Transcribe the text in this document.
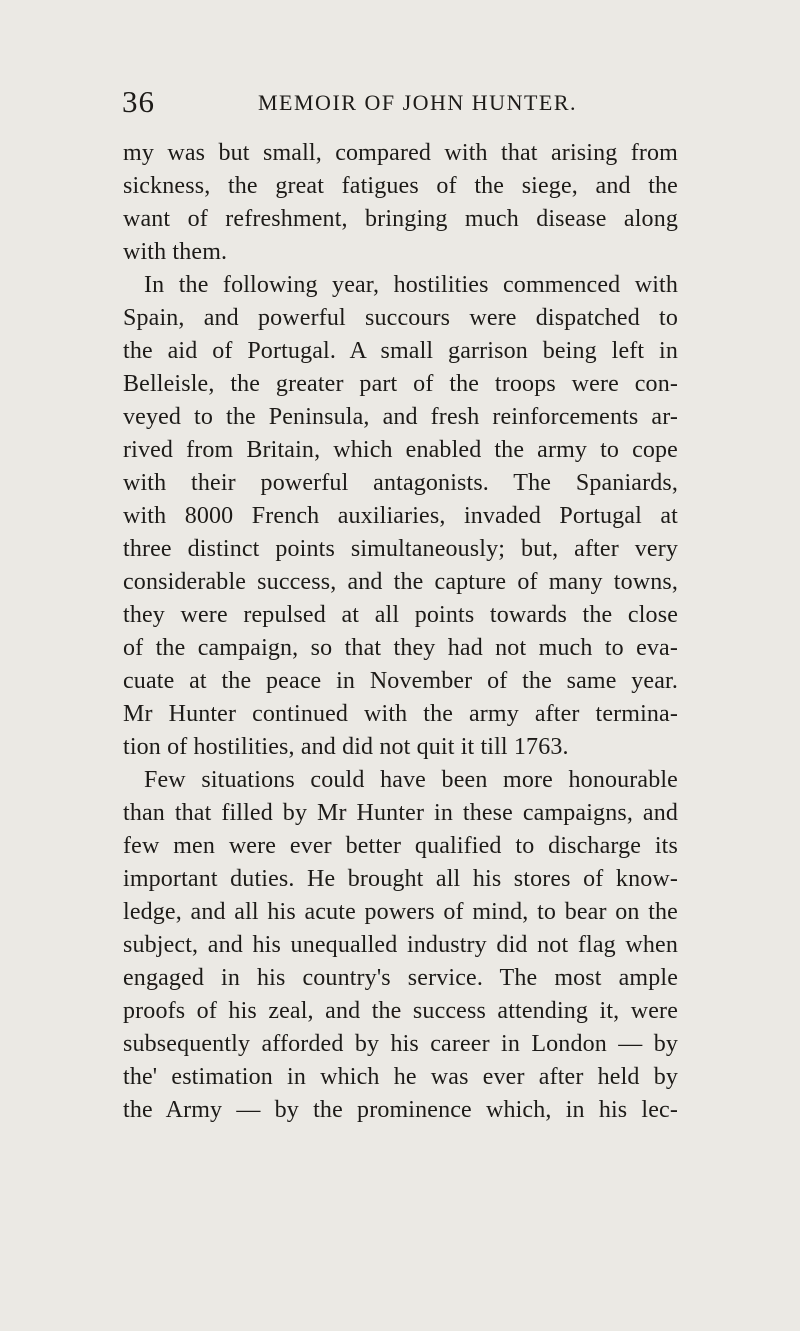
36	MEMOIR OF JOHN HUNTER.
my was but small, compared with that arising from
sickness, the great fatigues of the siege, and the
want of refreshment, bringing much disease along
with them.
In the following year, hostilities commenced with
Spain, and powerful succours were dispatched to
the aid of Portugal. A small garrison being left in
Belleisle, the greater part of the troops were con-
veyed to the Peninsula, and fresh reinforcements ar-
rived from Britain, which enabled the army to cope
with their powerful antagonists. The Spaniards,
with 8000 French auxiliaries, invaded Portugal at
three distinct points simultaneously; but, after very
considerable success, and the capture of many towns,
they were repulsed at all points towards the close
of the campaign, so that they had not much to eva-
cuate at the peace in November of the same year.
Mr Hunter continued with the army after termina-
tion of hostilities, and did not quit it till 1763.
Few situations could have been more honourable
than that filled by Mr Hunter in these campaigns, and
few men were ever better qualified to discharge its
important duties. He brought all his stores of know-
ledge, and all his acute powers of mind, to bear on the
subject, and his unequalled industry did not flag when
engaged in his country's service. The most ample
proofs of his zeal, and the success attending it, were
subsequently afforded by his career in London — by
the' estimation in which he was ever after held by
the Army — by the prominence which, in his lec-
